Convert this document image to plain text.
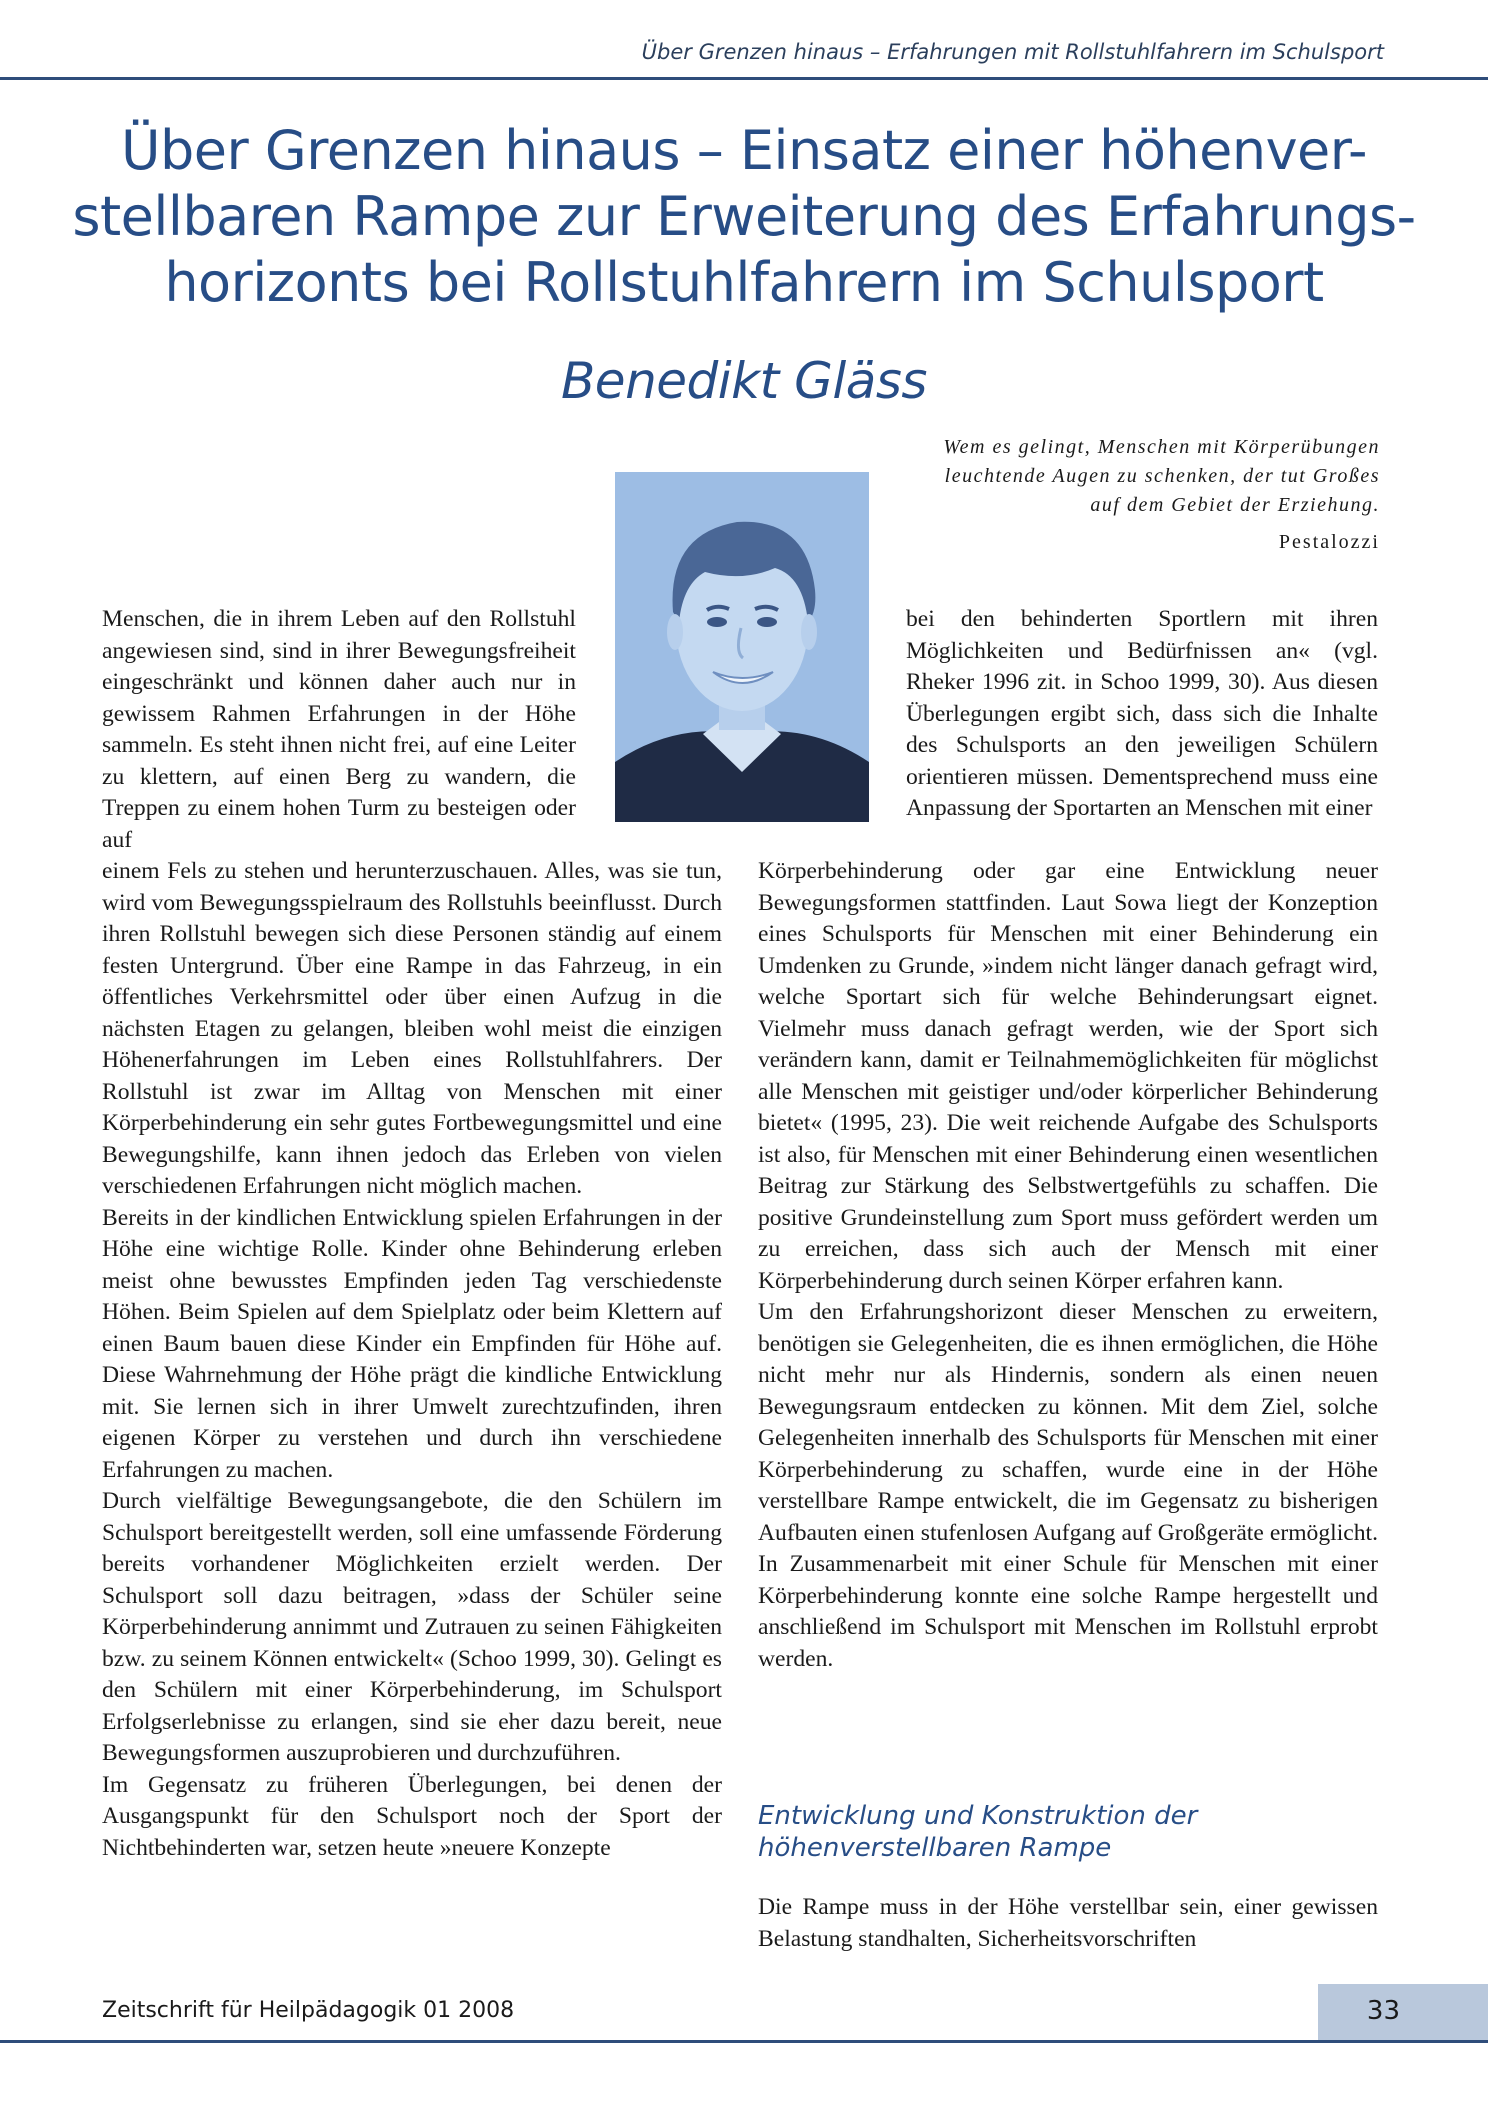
Über Grenzen hinaus – Erfahrungen mit Rollstuhlfahrern im Schulsport
Über Grenzen hinaus – Einsatz einer höhenver-
stellbaren Rampe zur Erweiterung des Erfahrungs-
horizonts bei Rollstuhlfahrern im Schulsport
Benedikt Gläss
Wem es gelingt, Menschen mit Körperübungen
leuchtende Augen zu schenken, der tut Großes
auf dem Gebiet der Erziehung.
Pestalozzi

Menschen, die in ihrem Leben auf den Rollstuhl angewiesen sind, sind in ihrer Bewegungsfreiheit eingeschränkt und können daher auch nur in gewissem Rahmen Erfahrungen in der Höhe sammeln. Es steht ihnen nicht frei, auf eine Leiter zu klettern, auf einen Berg zu wandern, die Treppen zu einem hohen Turm zu besteigen oder auf

einem Fels zu stehen und herunterzuschauen. Alles, was sie tun, wird vom Bewegungsspielraum des Rollstuhls beeinflusst. Durch ihren Rollstuhl bewegen sich diese Personen ständig auf einem festen Untergrund. Über eine Rampe in das Fahrzeug, in ein öffentliches Verkehrsmittel oder über einen Aufzug in die nächsten Etagen zu gelangen, bleiben wohl meist die einzigen Höhenerfahrungen im Leben eines Rollstuhlfahrers. Der Rollstuhl ist zwar im Alltag von Menschen mit einer Körperbehinderung ein sehr gutes Fortbewegungsmittel und eine Bewegungshilfe, kann ihnen jedoch das Erleben von vielen verschiedenen Erfahrungen nicht möglich machen.

Bereits in der kindlichen Entwicklung spielen Erfahrungen in der Höhe eine wichtige Rolle. Kinder ohne Behinderung erleben meist ohne bewusstes Empfinden jeden Tag verschiedenste Höhen. Beim Spielen auf dem Spielplatz oder beim Klettern auf einen Baum bauen diese Kinder ein Empfinden für Höhe auf. Diese Wahrnehmung der Höhe prägt die kindliche Entwicklung mit. Sie lernen sich in ihrer Umwelt zurechtzufinden, ihren eigenen Körper zu verstehen und durch ihn verschiedene Erfahrungen zu machen.

Durch vielfältige Bewegungsangebote, die den Schülern im Schulsport bereitgestellt werden, soll eine umfassende Förderung bereits vorhandener Möglichkeiten erzielt werden. Der Schulsport soll dazu beitragen, »dass der Schüler seine Körperbehinderung annimmt und Zutrauen zu seinen Fähigkeiten bzw. zu seinem Können entwickelt« (Schoo 1999, 30). Gelingt es den Schülern mit einer Körperbehinderung, im Schulsport Erfolgserlebnisse zu erlangen, sind sie eher dazu bereit, neue Bewegungsformen auszuprobieren und durchzuführen.

Im Gegensatz zu früheren Überlegungen, bei denen der Ausgangspunkt für den Schulsport noch der Sport der Nichtbehinderten war, setzen heute »neuere Konzepte

bei den behinderten Sportlern mit ihren Möglichkeiten und Bedürfnissen an« (vgl. Rheker 1996 zit. in Schoo 1999, 30). Aus diesen Überlegungen ergibt sich, dass sich die Inhalte des Schulsports an den jeweiligen Schülern orientieren müssen. Dementsprechend muss eine Anpassung der Sportarten an Menschen mit einer

Körperbehinderung oder gar eine Entwicklung neuer Bewegungsformen stattfinden. Laut Sowa liegt der Konzeption eines Schulsports für Menschen mit einer Behinderung ein Umdenken zu Grunde, »indem nicht länger danach gefragt wird, welche Sportart sich für welche Behinderungsart eignet. Vielmehr muss danach gefragt werden, wie der Sport sich verändern kann, damit er Teilnahmemöglichkeiten für möglichst alle Menschen mit geistiger und/oder körperlicher Behinderung bietet« (1995, 23). Die weit reichende Aufgabe des Schulsports ist also, für Menschen mit einer Behinderung einen wesentlichen Beitrag zur Stärkung des Selbstwertgefühls zu schaffen. Die positive Grundeinstellung zum Sport muss gefördert werden um zu erreichen, dass sich auch der Mensch mit einer Körperbehinderung durch seinen Körper erfahren kann.

Um den Erfahrungshorizont dieser Menschen zu erweitern, benötigen sie Gelegenheiten, die es ihnen ermöglichen, die Höhe nicht mehr nur als Hindernis, sondern als einen neuen Bewegungsraum entdecken zu können. Mit dem Ziel, solche Gelegenheiten innerhalb des Schulsports für Menschen mit einer Körperbehinderung zu schaffen, wurde eine in der Höhe verstellbare Rampe entwickelt, die im Gegensatz zu bisherigen Aufbauten einen stufenlosen Aufgang auf Großgeräte ermöglicht. In Zusammenarbeit mit einer Schule für Menschen mit einer Körperbehinderung konnte eine solche Rampe hergestellt und anschließend im Schulsport mit Menschen im Rollstuhl erprobt werden.

Entwicklung und Konstruktion der höhenverstellbaren Rampe

Die Rampe muss in der Höhe verstellbar sein, einer gewissen Belastung standhalten, Sicherheitsvorschriften

Zeitschrift für Heilpädagogik 01 2008	33
